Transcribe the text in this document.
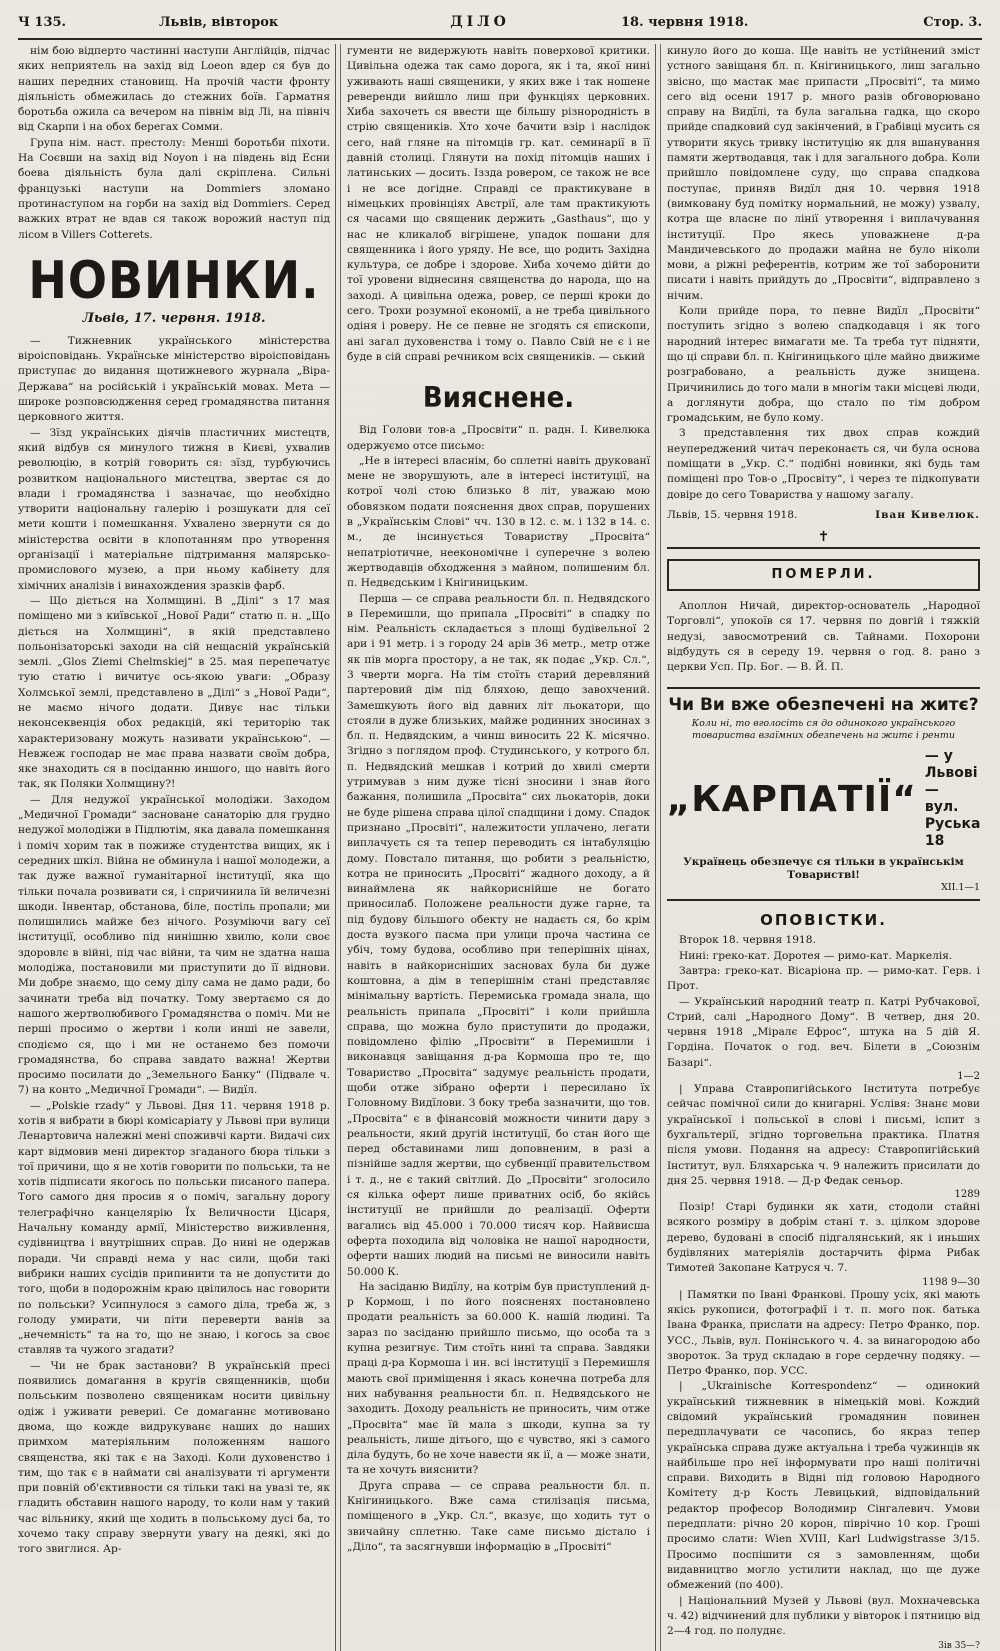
Ч 135.	Львів, вівторок	ДІЛО	18. червня 1918.	Стор. 3.

нім бою відперто частинні наступи Англійців, підчас яких неприятель на захід від Loeon вдер ся був до наших передних становищ. На прочій части фронту діяльність обмежилась до стежних боїв. Гарматня боротьба ожила са вечером на півнім від Лі, на північ від Скарпи і на обох берегах Сомми.

Група нім. наст. престолу: Менші боротьби піхоти. На Соєвши на захід від Noyon і на південь від Есни боева діяльність була далі скріплена. Сильні французькі наступи на Dommiers зломано протинаступом на горби на захід від Dommiers. Серед важких втрат не вдав ся також ворожий наступ під лісом в Villers Cotterets.

НОВИНКИ.
Львів, 17. червня. 1918.

— Тижневник українського міністерства віроісповідань. Українське міністерство віроісповідань приступає до видання щотижневого журнала „Віра-Держава“ на російській і українській мовах. Мета — широке розповсюдження серед громадянства питання церковного життя.

— Зїзд українських діячів пластичних мистецтв, який відбув ся минулого тижня в Києві, ухвалив революцію, в котрій говорить ся: зїзд, турбуючись розвитком національного мистецтва, звертає ся до влади і громадянства і зазначає, що необхідно утворити національну галерію і розшукати для сеї мети кошти і помешкання. Ухвалено звернути ся до міністерства освіти в клопотанням про утворення організації і матеріальне підтримання малярсько-промислового музею, а при ньому кабінету для хімічних аналізів і винахождения зразків фарб.

— Що діється на Холмщині. В „Ділі“ з 17 мая поміщено ми з київської „Нової Ради“ статю п. н. „Що діється на Холмщині“, в якій представлено польонізаторські заходи на сій нещасній українській землі. „Glos Ziemi Chelmskiej“ в 25. мая перепечатує тую статю і вичитує ось-якою уваги: „Образу Холмської землі, представлено в „Ділі“ з „Нової Ради“, не маємо нічого додати. Дивує нас тільки неконсеквенція обох редакцій, які територію так характеризовану можуть називати українською“. — Невжеж господар не має права назвати своїм добра, яке знаходить ся в посіданню иншого, що навіть його так, як Поляки Холмщину?!

— Для недужої української молодіжи. Заходом „Медичної Громади“ засноване санаторію для грудно недужої молодіжи в Підлютім, яка давала помешкання і поміч хорим так в пожиже студентства вищих, як і середних шкіл. Війна не обминула і нашої молодежи, а так дуже важної гуманітарної інституції, яка що тільки почала розвивати ся, і спричинила їй величезні шкоди. Інвентар, обстанова, біле, постіль пропали; ми полишились майже без нічого. Розуміючи вагу сеї інституції, особливо під нинішню хвилю, коли своє здоровлє в війні, під час війни, та чим не здатна наша молодіжа, постановили ми приступити до її віднови. Ми добре знаємо, що сему ділу сама не дамо ради, бо зачинати треба від початку. Тому звертаємо ся до нашого жертволюбивого Громадянства о поміч. Ми не перші просимо о жертви і коли инші не завели, сподіємо ся, що і ми не останемо без помочи громадянства, бо справа завдато важна! Жертви просимо посилати до „Земельного Банку“ (Підвале ч. 7) на конто „Медичної Громади“. — Видїл.

— „Polskie rzady“ у Львові. Дня 11. червня 1918 р. хотів я вибрати в бюрі комісаріату у Львові при вулици Ленартовича належні мені споживчі карти. Видачі сих карт відмовив мені директор згаданого бюра тільки з тої причини, що я не хотів говорити по польськи, та не хотів підписати якогось по польськи писаного папера. Того самого дня просив я о поміч, загальну дорогу телеграфічно канцелярію Їх Величности Цісаря, Начальну команду армії, Міністерство виживлення, судівництва і внутрішних справ. До нині не одержав поради. Чи справді нема у нас сили, щоби такі вибрики наших сусідів припинити та не допустити до того, щоби в подорожнім краю цвілилось нас говорити по польськи? Усипнулося з самого діла, треба ж, з голоду умирати, чи піти переверти ванів за „нечемність“ та на то, що не знаю, і когось за своє ставляв та чужого згадати?

— Чи не брак застанови? В українській пресі появились домагання в кругів священників, щоби польським позволено священикам носити цивільну одіж і уживати ревериі. Се домаганнє мотивовано двома, що кожде видрукуванє наших до наших примхом матеріяльним положенням нашого священства, які так є на Заході. Коли духовенство і тим, що так є в наймати сві аналізувати ті аргументи при повній об'єктивности ся тільки такі на увазі те, як гладить обставин нашого народу, то коли нам у такий час вільнику, який ще ходить в польському дусі ба, то хочемо таку справу звернути увагу на деякі, які до того звиглися. Ар-

гументи не видержують навіть поверхової критики. Цивільна одежа так само дорога, як і та, якої нині уживають наші священики, у яких вже і так ношене реверенди вийшло лиш при функціях церковних. Хиба захочеть ся ввести ще більшу різнородність в стрію священиків. Хто хоче бачити взір і наслідок сего, най гляне на пітомців гр. кат. семинарії в її давній столиці. Глянути на похід пітомців наших і латинських — досить. Іззда ровером, се також не все і не все догідне. Справді се практикуване в німецьких провінціях Австрії, але там практикують ся часами що священик держить „Gasthaus“, що у нас не кликалоб вігрішене, упадок пошани для священника і його уряду. Не все, що родить Західна культура, се добре і здорове. Хиба хочемо дійти до тої уровени віднесиня священства до народа, що на заході. А цивільна одежа, ровер, се перші кроки до сего. Трохи розумної економії, а не треба цивільного одіня і роверу. Не се певне не згодять ся єпископи, ані загал духовенства і тому о. Павло Свій не є і не буде в сій справі речником всіх священиків. — ський

Вияснене.

Від Голови тов-а „Просвіти“ п. радн. І. Кивелюка одержуємо отсе письмо:

„Не в інтересі власнім, бо сплетні навіть друкованї мене не зворушують, але в інтересі інституції, на котрої чолі стою близько 8 літ, уважаю мою обовязком подати пояснення двох справ, порушених в „Українськім Слові“ чч. 130 в 12. с. м. і 132 в 14. с. м., де інсинується Товариству „Просвіта“ непатріотичне, неекономічне і суперечне з волею жертводавців обходження з майном, полишеним бл. п. Недвєдським і Кнігиницьким.

Перша — се справа реальности бл. п. Недвядского в Перемишли, що припала „Просвіті“ в спадку по нім. Реальність складається з площі будівельної 2 ари і 91 метр. і з городу 24 арів 36 метр., метр отже як пів морга простору, а не так, як подає „Укр. Сл.“, 3 чверти морга. На тім стоїть старий деревляний партеровий дім під бляхою, дещо завохчений. Замешкують його від давних літ льокатори, що стояли в дуже близьких, майже родинних зносинах з бл. п. Недвядским, а чинш виносить 22 К. місячно. Згідно з поглядом проф. Студинського, у котрого бл. п. Недвядский мешкав і котрий до хвилі смерти утримував з ним дуже тісні зносини і знав його бажання, полишила „Просвіта“ сих льокаторів, доки не буде рішена справа цілої спадщини і дому. Спадок признано „Просвіті“, належитости уплачено, легати виплачуєть ся та тепер переводить ся інтабуляцію дому. Повстало питання, що робити з реальністю, котра не приносить „Просвіті“ жадного доходу, а й винаймлена як найкориснійше не богато приносилаб. Положене реальности дуже гарне, та під будову більшого обекту не надаєть ся, бо крім доста вузкого пасма при улици проча частина се убіч, тому будова, особливо при теперішніх цінах, навіть в найкорисніших засновах була би дуже коштовна, а дім в теперішнім стані представляє мінімальну вартість. Перемиська громада знала, що реальність припала „Просвіті“ і коли прийшла справа, що можна було приступити до продажи, повідомлено філію „Просвіти“ в Перемишли і виконавця завіщання д-ра Кормоша про те, що Товариство „Просвіта“ задумує реальність продати, щоби отже зібрано оферти і пересилано їх Головному Видїлови. З боку треба зазначити, що тов. „Просвіта“ є в фінансовій можности чинити дару з реальности, який другій інституції, бо стан його ще перед обставинами лиш доповненим, в разі а пізнійше задля жертви, що субвенції правительством і т. д., не є такий світлий. До „Просвіти“ зголосило ся кілька оферт лише приватних осіб, бо якійсь інституції не прийшли до реалізації. Оферти вагались від 45.000 і 70.000 тисяч кор. Найвисша оферта походила від чоловіка не нашої народности, оферти наших людий на письмі не виносили навіть 50.000 К.

На засіданю Видїлу, на котрім був приступлений д-р Кормош, і по його поясненях постановлено продати реальність за 60.000 К. нашій людині. Та зараз по засіданю прийшло письмо, що особа та з купна резигнує. Тим стоїть нині та справа. Завдяки праці д-ра Кормоша і ин. всі інституції з Перемишля мають свої приміщення і якась конечна потреба для них набування реальности бл. п. Недвядського не заходить. Доходу реальність не приносить, чим отже „Просвіта“ має їй мала з шкоди, купна за ту реальність, лише дітього, що є чувство, які з самого діла будуть, бо не хоче навести як ії, а — може знати, та не хочуть вияснити?

Друга справа — се справа реальности бл. п. Кнігиницького. Вже сама стилізація письма, поміщеного в „Укр. Сл.“, вказує, що ходить тут о звичайну сплетню. Таке саме письмо дістало і „Діло“, та засягнувши інформацію в „Просвіті“

кинуло його до коша. Ще навіть не устійнений зміст устного завіщаня бл. п. Кнігиницького, лиш загально звісно, що мастак має припасти „Просвіті“, та мимо сего від осени 1917 р. много разів обговорювано справу на Видїлі, та була загальна гадка, що скоро прийде спадковий суд закінчений, в Грабівці мусить ся утворити якусь тривку інституцію як для вшанування памяти жертводавця, так і для загального добра. Коли прийшло повідомлене суду, що справа спадкова поступає, приняв Видїл дня 10. червня 1918 (вимковану буд помітку нормальний, не можу) узвалу, котра ще власне по лінії утворення і виплачування інституції. Про якесь уповажнене д-ра Мандичевського до продажи майна не було ніколи мови, а ріжні референтів, котрим же тої заборонити писати і навіть прийдуть до „Просвіти“, відправлено з нічим.

Коли прийде пора, то певне Видїл „Просвіти“ поступить згідно з волею спадкодавця і як того народний інтерес вимагати ме. Та треба тут підняти, що ці справи бл. п. Кнігиницького ціле майно движиме розграбовано, а реальність дуже знищена. Причинились до того мали в многім таки місцеві люди, а доглянути добра, що стало по тім добром громадським, не було кому.

З представлення тих двох справ кождий неупереджений читач переконаєть ся, чи була основа поміщати в „Укр. С.“ подібні новинки, які будь там поміщені про Тов-о „Просвіту“, і через те підкопувати довіре до сего Товариства у нашому загалу.

Львів, 15. червня 1918.	Іван Кивелюк.
✝
ПОМЕРЛИ.

Аполлон Ничай, директор-основатель „Народної Торговлі“, упокоїв ся 17. червня по довгій і тяжкій недузі, завосмотрений св. Тайнами. Похорони відбудуть ся в середу 19. червня о год. 8. рано з церкви Усп. Пр. Бог. — В. Й. П.

Чи Ви вже обезпечені на житє?
Коли ні, то вголосіть ся до одинокого українського товариства взаїмних обезпечень на житє і ренти
„КАРПАТІЇ“
— у Львові —
вул. Руська 18
Українець обезпечує ся тільки в українськім Товаристві!
XII.1—1
ОПОВІСТКИ.

Второк 18. червня 1918.

Нині: греко-кат. Доротея — римо-кат. Маркелія.

Завтра: греко-кат. Вісаріона пр. — римо-кат. Герв. і Прот.

— Український народний театр п. Катрі Рубчакової, Стрий, салі „Народного Дому“. В четвер, дня 20. червня 1918 „Міралє Ефрос“, штука на 5 дій Я. Гордіна. Початок о год. веч. Білети в „Союзнім Базарі“.

1—2

| Управа Ставропигійського Інститута потребує сейчас помічної сили до книгарні. Услівя: Знанє мови української і польської в слові і письмі, іспит з бухгальтерії, згідно торговельна практика. Платня після умови. Подання на адресу: Ставропигійський Інститут, вул. Бляхарська ч. 9 належить присилати до дня 25. червня 1918. — Д-р Федак сеньор.

1289

Позір! Старі будинки як хати, стодоли стайні всякого розміру в добрім стані т. з. цілком здорове дерево, будовані в спосіб підгалянський, як і иньших будівляних матеріялів достарчить фірма Рибак Тимотей Закопане Катруся ч. 7.

1198 9—30

| Памятки по Івані Франкові. Прошу усіх, які мають якісь рукописи, фотографії і т. п. мого пок. батька Івана Франка, прислати на адресу: Петро Франко, пор. УСС., Львів, вул. Понінського ч. 4. за винагородою або звороток. За труд складаю в горе сердечну подяку. — Петро Франко, пор. УСС.

| „Ukrainische Korrespondenz“ — одинокий український тижневник в німецькій мові. Кождий свідомий український громадянин повинен передплачувати се часопись, бо якраз тепер українська справа дуже актуальна і треба чужинців як найбільше про неї інформувати про наші політичні справи. Виходить в Відні під головою Народного Комітету д-р Кость Левицький, відповідальний редактор професор Володимир Сінгалевич. Умови передплати: річно 20 корон, піврічно 10 кор. Гроші просимо слати: Wien XVIII, Karl Ludwigstrasse 3/15. Просимо поспішити ся з замовленням, щоби видавництво могло устилити наклад, що ще дуже обмежений (по 400).

| Національний Музей у Львові (вул. Мохначевська ч. 42) відчинений для публики у вівторок і пятницю від 2—4 год. по полуднє.

3ів 35—?
